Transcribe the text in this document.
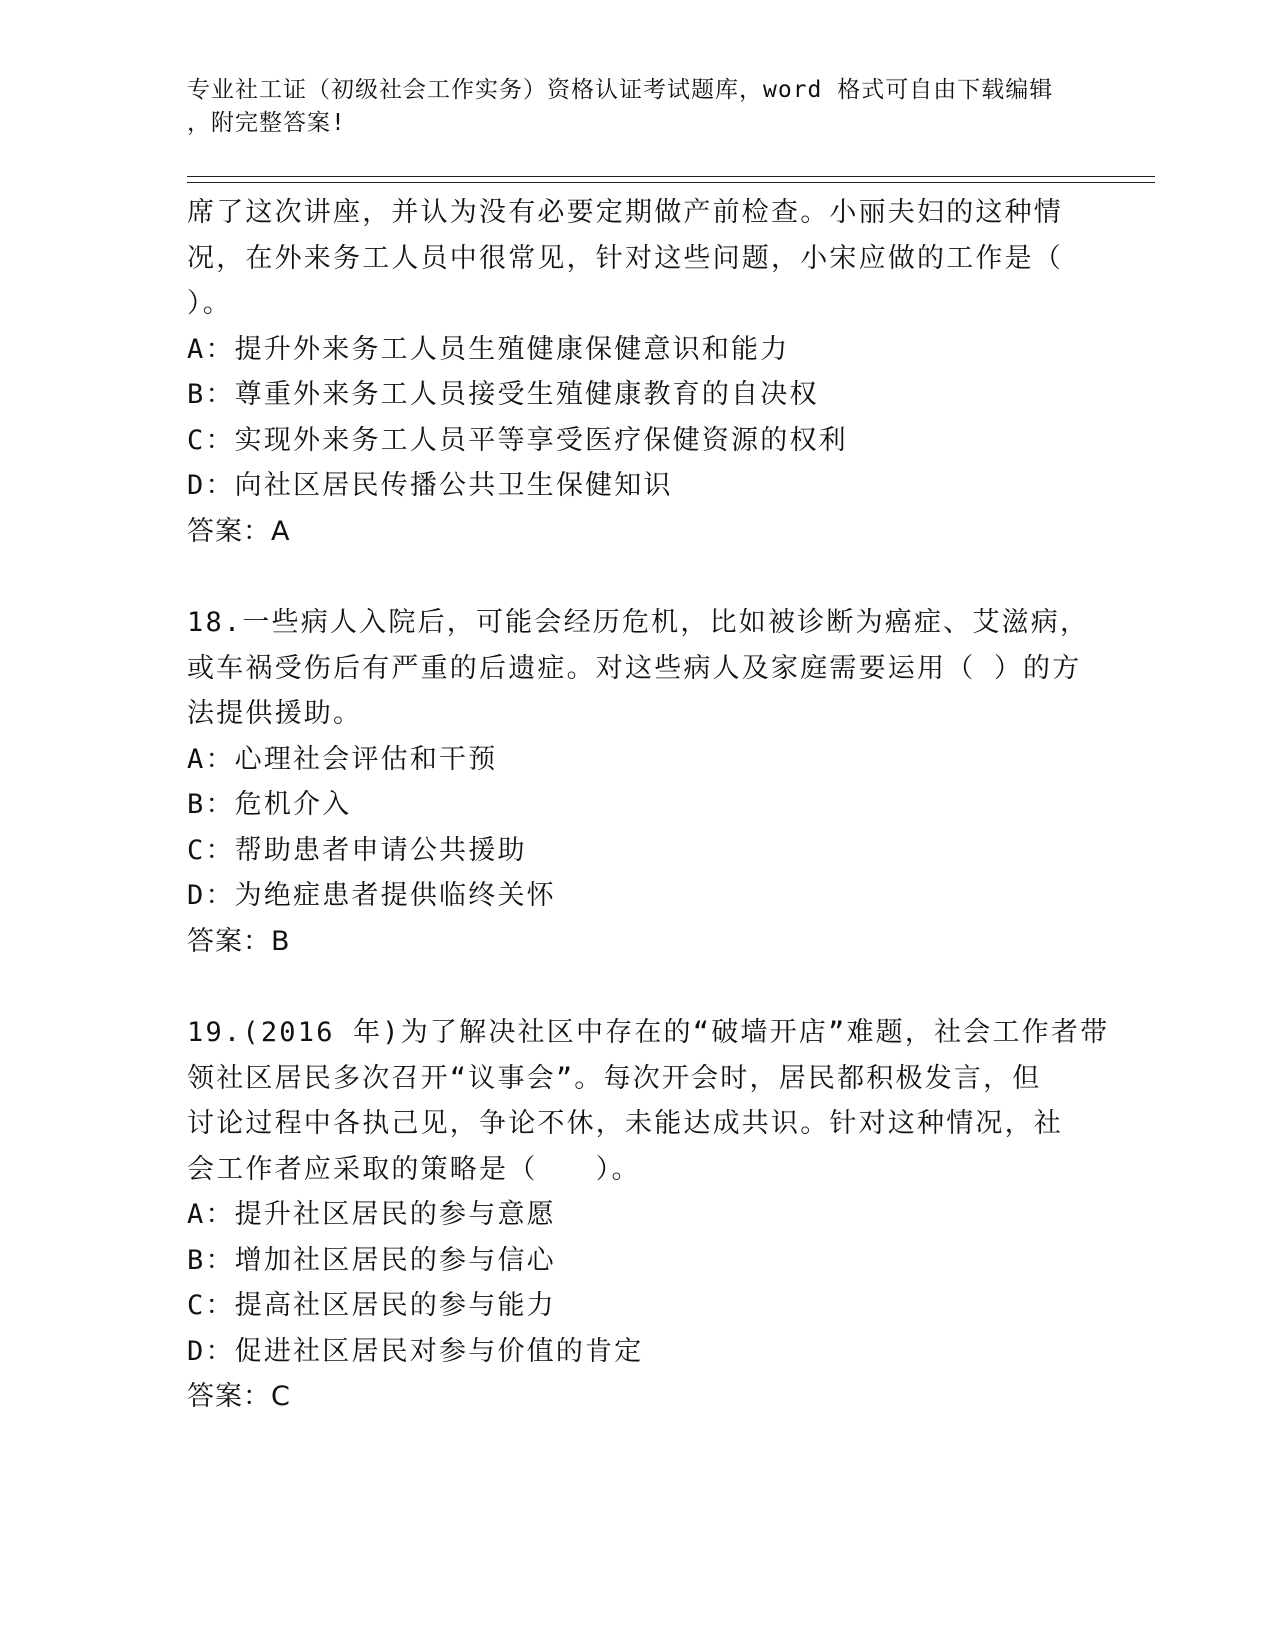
专业社工证（初级社会工作实务）资格认证考试题库，word 格式可自由下载编辑
，附完整答案!
席了这次讲座，并认为没有必要定期做产前检查。小丽夫妇的这种情
况，在外来务工人员中很常见，针对这些问题，小宋应做的工作是（
）。
A：提升外来务工人员生殖健康保健意识和能力
B：尊重外来务工人员接受生殖健康教育的自决权
C：实现外来务工人员平等享受医疗保健资源的权利
D：向社区居民传播公共卫生保健知识
答案：A
18.一些病人入院后，可能会经历危机，比如被诊断为癌症、艾滋病，
或车祸受伤后有严重的后遗症。对这些病人及家庭需要运用（ ）的方
法提供援助。
A：心理社会评估和干预
B：危机介入
C：帮助患者申请公共援助
D：为绝症患者提供临终关怀
答案：B
19.(2016 年)为了解决社区中存在的“破墙开店”难题，社会工作者带
领社区居民多次召开“议事会”。每次开会时，居民都积极发言，但
讨论过程中各执己见，争论不休，未能达成共识。针对这种情况，社
会工作者应采取的策略是（　　）。
A：提升社区居民的参与意愿
B：增加社区居民的参与信心
C：提高社区居民的参与能力
D：促进社区居民对参与价值的肯定
答案：C
